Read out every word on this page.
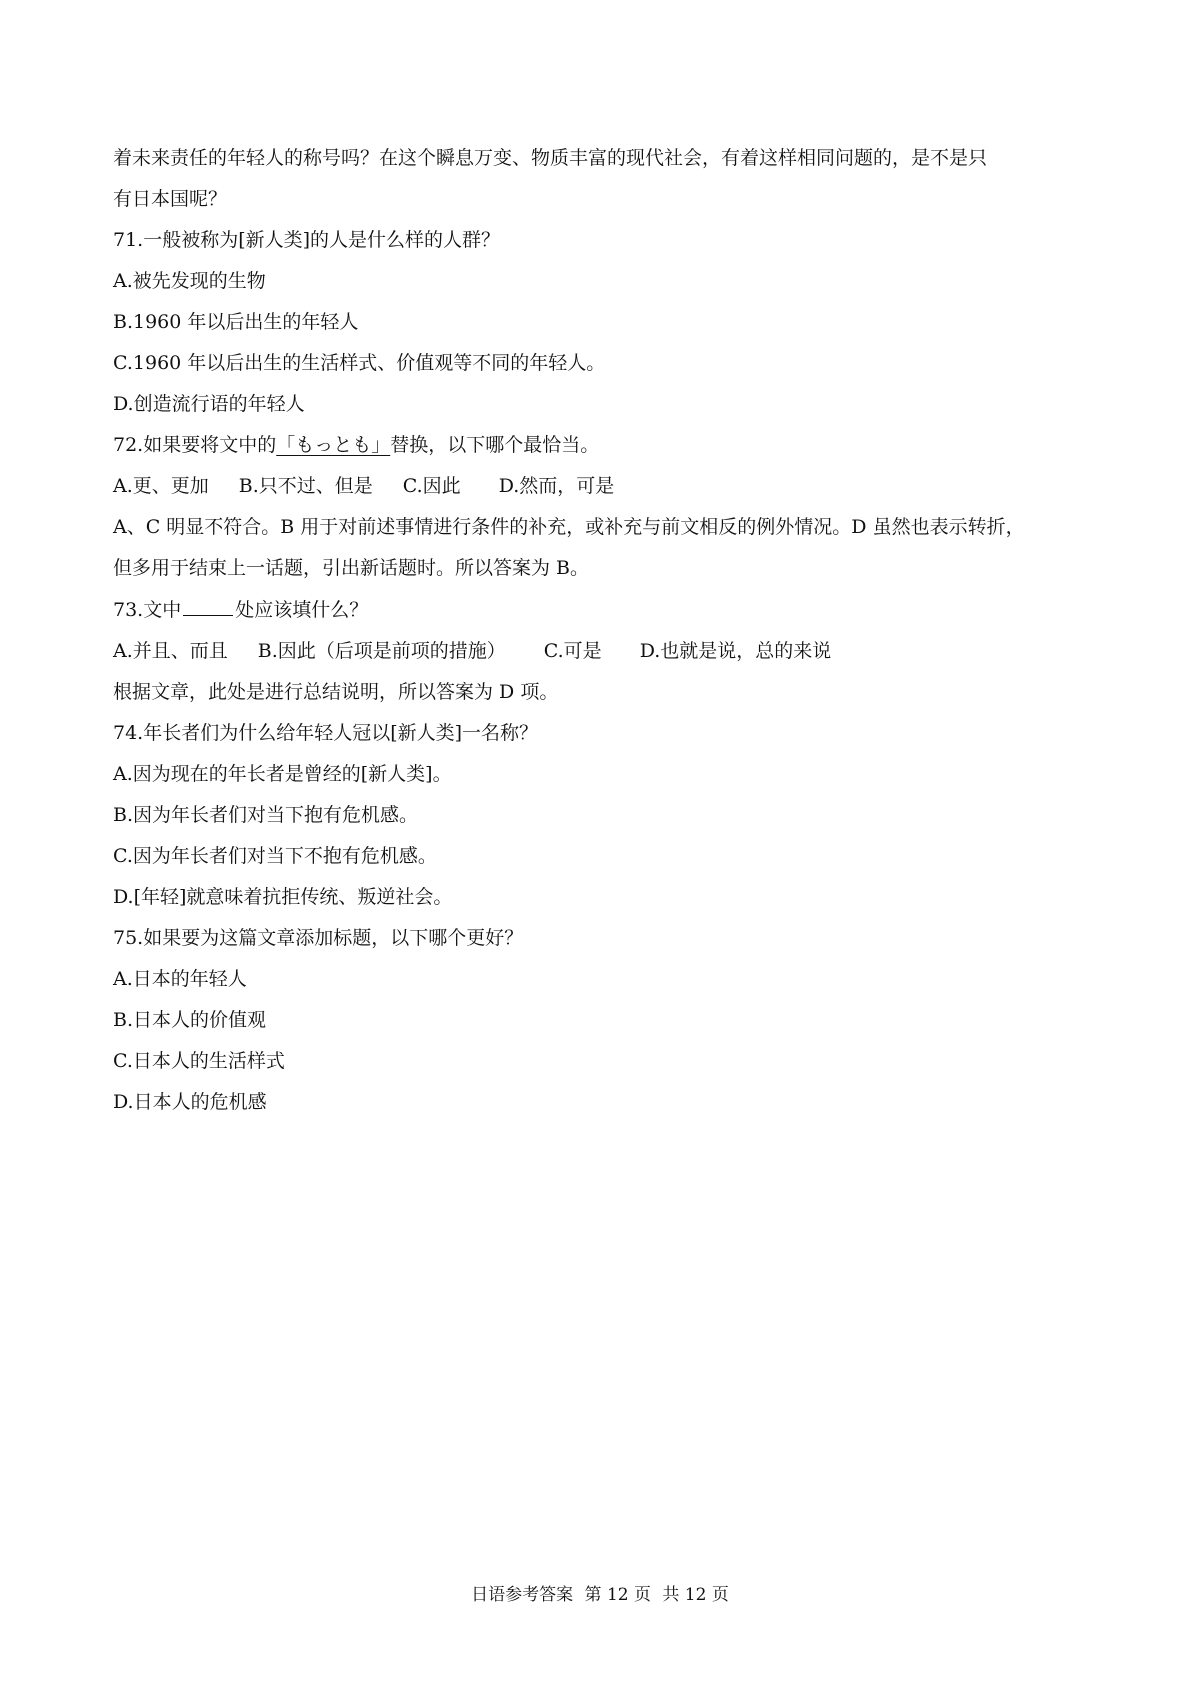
着未来责任的年轻人的称号吗？在这个瞬息万变、物质丰富的现代社会，有着这样相同问题的，是不是只
有日本国呢？
71.一般被称为[新人类]的人是什么样的人群？
A.被先发现的生物
B.1960 年以后出生的年轻人
C.1960 年以后出生的生活样式、价值观等不同的年轻人。
D.创造流行语的年轻人
72.如果要将文中的「もっとも」替换，以下哪个最恰当。
A.更、更加 B.只不过、但是 C.因此 D.然而，可是
A、C 明显不符合。B 用于对前述事情进行条件的补充，或补充与前文相反的例外情况。D 虽然也表示转折，
但多用于结束上一话题，引出新话题时。所以答案为 B。
73.文中	处应该填什么？
A.并且、而且 B.因此（后项是前项的措施） C.可是 D.也就是说，总的来说
根据文章，此处是进行总结说明，所以答案为 D 项。
74.年长者们为什么给年轻人冠以[新人类]一名称？
A.因为现在的年长者是曾经的[新人类]。
B.因为年长者们对当下抱有危机感。
C.因为年长者们对当下不抱有危机感。
D.[年轻]就意味着抗拒传统、叛逆社会。
75.如果要为这篇文章添加标题，以下哪个更好？
A.日本的年轻人
B.日本人的价值观
C.日本人的生活样式
D.日本人的危机感
日语参考答案 第 12 页 共 12 页
